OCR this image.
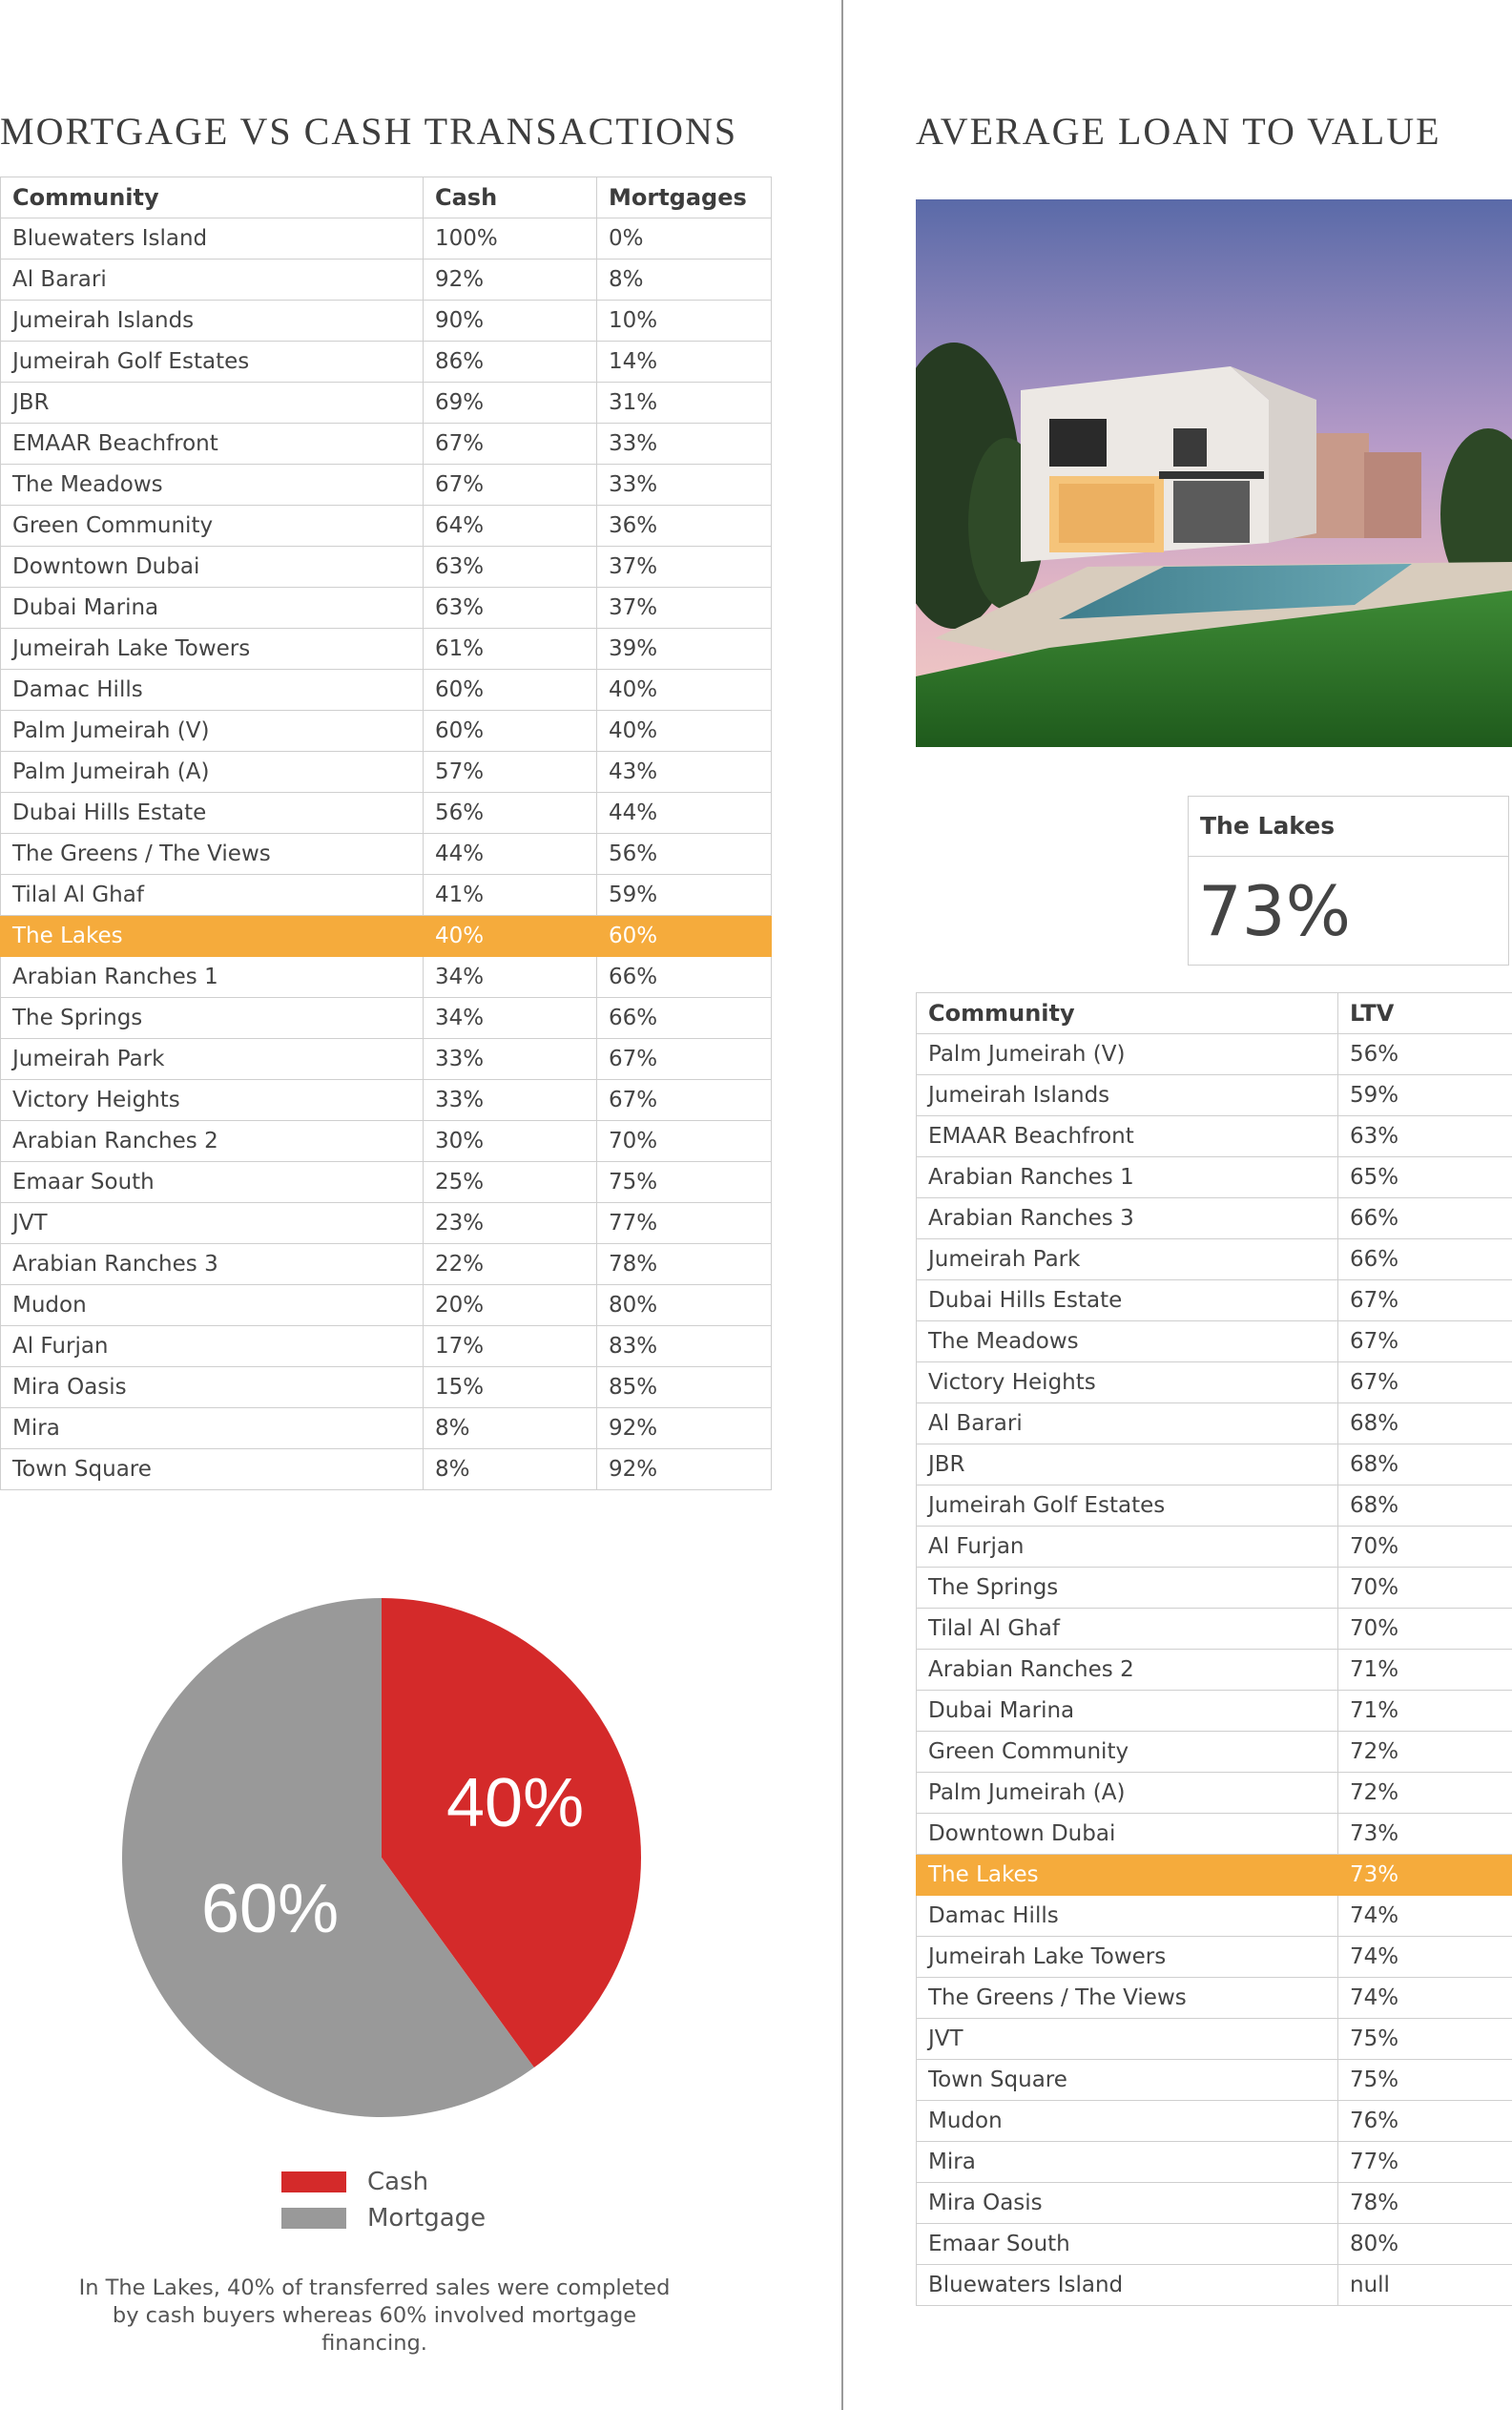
MORTGAGE VS CASH TRANSACTIONS
Community	Cash	Mortgages
Bluewaters Island	100%	0%
Al Barari	92%	8%
Jumeirah Islands	90%	10%
Jumeirah Golf Estates	86%	14%
JBR	69%	31%
EMAAR Beachfront	67%	33%
The Meadows	67%	33%
Green Community	64%	36%
Downtown Dubai	63%	37%
Dubai Marina	63%	37%
Jumeirah Lake Towers	61%	39%
Damac Hills	60%	40%
Palm Jumeirah (V)	60%	40%
Palm Jumeirah (A)	57%	43%
Dubai Hills Estate	56%	44%
The Greens / The Views	44%	56%
Tilal Al Ghaf	41%	59%
The Lakes	40%	60%
Arabian Ranches 1	34%	66%
The Springs	34%	66%
Jumeirah Park	33%	67%
Victory Heights	33%	67%
Arabian Ranches 2	30%	70%
Emaar South	25%	75%
JVT	23%	77%
Arabian Ranches 3	22%	78%
Mudon	20%	80%
Al Furjan	17%	83%
Mira Oasis	15%	85%
Mira	8%	92%
Town Square	8%	92%
40%
60%
Cash
Mortgage

In The Lakes, 40% of transferred sales were completed by cash buyers whereas 60% involved mortgage financing.

AVERAGE LOAN TO VALUE
The Lakes
73%
Community	LTV
Palm Jumeirah (V)	56%
Jumeirah Islands	59%
EMAAR Beachfront	63%
Arabian Ranches 1	65%
Arabian Ranches 3	66%
Jumeirah Park	66%
Dubai Hills Estate	67%
The Meadows	67%
Victory Heights	67%
Al Barari	68%
JBR	68%
Jumeirah Golf Estates	68%
Al Furjan	70%
The Springs	70%
Tilal Al Ghaf	70%
Arabian Ranches 2	71%
Dubai Marina	71%
Green Community	72%
Palm Jumeirah (A)	72%
Downtown Dubai	73%
The Lakes	73%
Damac Hills	74%
Jumeirah Lake Towers	74%
The Greens / The Views	74%
JVT	75%
Town Square	75%
Mudon	76%
Mira	77%
Mira Oasis	78%
Emaar South	80%
Bluewaters Island	null
